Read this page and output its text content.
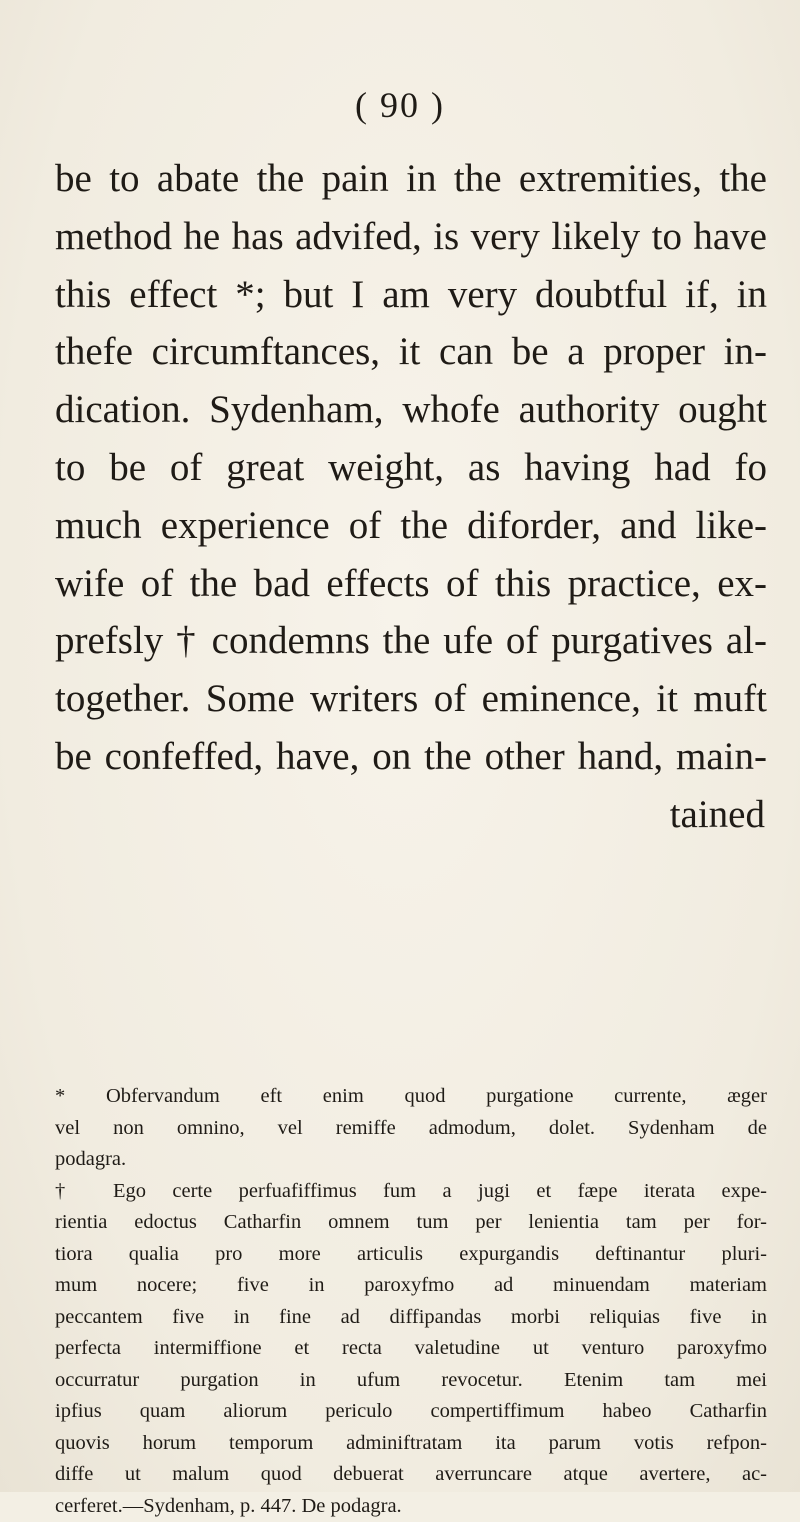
( 90 )
be to abate the pain in the extremities, the
method he has advifed, is very likely to have
this effect *; but I am very doubtful if, in
thefe circumftances, it can be a proper in-
dication. Sydenham, whofe authority ought
to be of great weight, as having had fo
much experience of the diforder, and like-
wife of the bad effects of this practice, ex-
prefsly † condemns the ufe of purgatives al-
together. Some writers of eminence, it muft
be confeffed, have, on the other hand, main-
tained
* Obfervandum eft enim quod purgatione currente, æger
vel non omnino, vel remiffe admodum, dolet. Sydenham de
podagra.
† Ego certe perfuafiffimus fum a jugi et fæpe iterata expe-
rientia edoctus Catharfin omnem tum per lenientia tam per for-
tiora qualia pro more articulis expurgandis deftinantur pluri-
mum nocere; five in paroxyfmo ad minuendam materiam
peccantem five in fine ad diffipandas morbi reliquias five in
perfecta intermiffione et recta valetudine ut venturo paroxyfmo
occurratur purgation in ufum revocetur. Etenim tam mei
ipfius quam aliorum periculo compertiffimum habeo Catharfin
quovis horum temporum adminiftratam ita parum votis refpon-
diffe ut malum quod debuerat averruncare atque avertere, ac-
cerferet.—Sydenham, p. 447. De podagra.
